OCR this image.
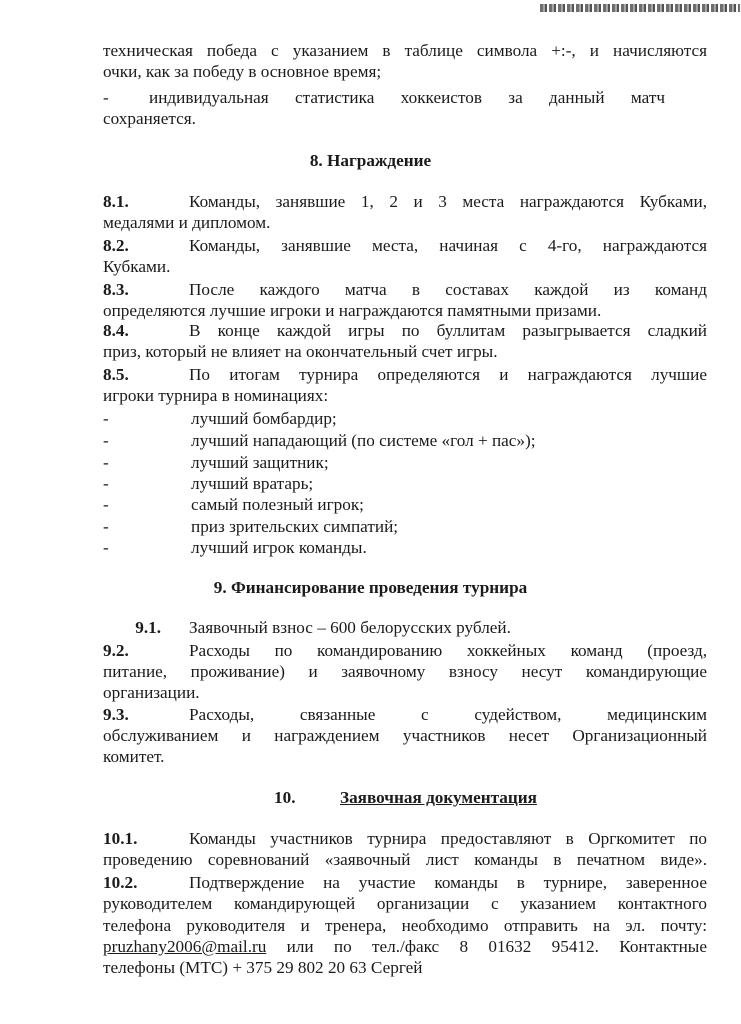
техническая победа с указанием в таблице символа +:-, и начисляются

очки, как за победу в основное время;

- индивидуальная статистика хоккеистов за данный матч

сохраняется.

8. Награждение

8.1.	Команды, занявшие 1, 2 и 3 места награждаются Кубками,

медалями и дипломом.

8.2.	Команды, занявшие места, начиная с 4-го, награждаются

Кубками.

8.3.	После каждого матча в составах каждой из команд

определяются лучшие игроки и награждаются памятными призами.

8.4.	В конце каждой игры по буллитам разыгрывается сладкий

приз, который не влияет на окончательный счет игры.

8.5.	По итогам турнира определяются и награждаются лучшие

игроки турнира в номинациях:

-	лучший бомбардир;

-	лучший нападающий (по системе «гол + пас»);

-	лучший защитник;

-	лучший вратарь;

-	самый полезный игрок;

-	приз зрительских симпатий;

-	лучший игрок команды.

9. Финансирование проведения турнира

9.1. Заявочный взнос – 600 белорусских рублей.

9.2.	Расходы по командированию хоккейных команд (проезд,

питание, проживание) и заявочному взносу несут командирующие

организации.

9.3.	Расходы, связанные с судейством, медицинским

обслуживанием и награждением участников несет Организационный

комитет.

10.	Заявочная документация

10.1.	Команды участников турнира предоставляют в Оргкомитет по

проведению соревнований «заявочный лист команды в печатном виде».

10.2.	Подтверждение на участие команды в турнире, заверенное

руководителем командирующей организации с указанием контактного

телефона руководителя и тренера, необходимо отправить на эл. почту:

pruzhany2006@mail.ru или по тел./факс 8 01632 95412. Контактные

телефоны (МТС) + 375 29 802 20 63 Сергей
